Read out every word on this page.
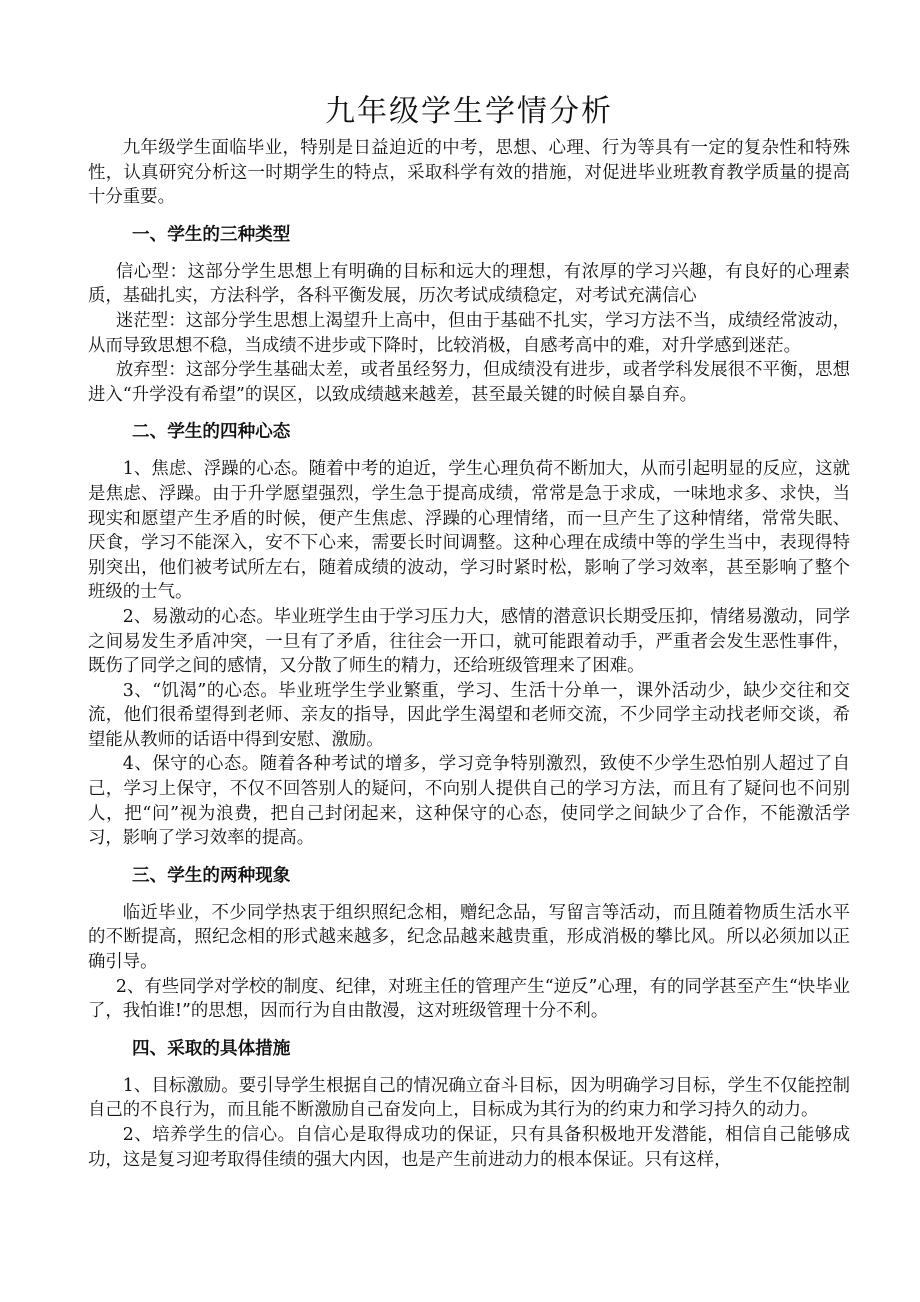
九年级学生学情分析

九年级学生面临毕业，特别是日益迫近的中考，思想、心理、行为等具有一定的复杂性和特殊性，认真研究分析这一时期学生的特点，采取科学有效的措施，对促进毕业班教育教学质量的提高十分重要。

一、学生的三种类型

信心型：这部分学生思想上有明确的目标和远大的理想，有浓厚的学习兴趣，有良好的心理素质，基础扎实，方法科学，各科平衡发展，历次考试成绩稳定，对考试充满信心

迷茫型：这部分学生思想上渴望升上高中，但由于基础不扎实，学习方法不当，成绩经常波动，从而导致思想不稳，当成绩不进步或下降时，比较消极，自感考高中的难，对升学感到迷茫。

放弃型：这部分学生基础太差，或者虽经努力，但成绩没有进步，或者学科发展很不平衡，思想进入“升学没有希望”的误区，以致成绩越来越差，甚至最关键的时候自暴自弃。

二、学生的四种心态

1、焦虑、浮躁的心态。随着中考的迫近，学生心理负荷不断加大，从而引起明显的反应，这就是焦虑、浮躁。由于升学愿望强烈，学生急于提高成绩，常常是急于求成，一味地求多、求快，当现实和愿望产生矛盾的时候，便产生焦虑、浮躁的心理情绪，而一旦产生了这种情绪，常常失眠、厌食，学习不能深入，安不下心来，需要长时间调整。这种心理在成绩中等的学生当中，表现得特别突出，他们被考试所左右，随着成绩的波动，学习时紧时松，影响了学习效率，甚至影响了整个班级的士气。

2、易激动的心态。毕业班学生由于学习压力大，感情的潜意识长期受压抑，情绪易激动，同学之间易发生矛盾冲突，一旦有了矛盾，往往会一开口，就可能跟着动手，严重者会发生恶性事件，既伤了同学之间的感情，又分散了师生的精力，还给班级管理来了困难。

3、“饥渴”的心态。毕业班学生学业繁重，学习、生活十分单一，课外活动少，缺少交往和交流，他们很希望得到老师、亲友的指导，因此学生渴望和老师交流，不少同学主动找老师交谈，希望能从教师的话语中得到安慰、激励。

4、保守的心态。随着各种考试的增多，学习竞争特别激烈，致使不少学生恐怕别人超过了自己，学习上保守，不仅不回答别人的疑问，不向别人提供自己的学习方法，而且有了疑问也不问别人，把“问”视为浪费，把自己封闭起来，这种保守的心态，使同学之间缺少了合作，不能激活学习，影响了学习效率的提高。

三、学生的两种现象

临近毕业，不少同学热衷于组织照纪念相，赠纪念品，写留言等活动，而且随着物质生活水平的不断提高，照纪念相的形式越来越多，纪念品越来越贵重，形成消极的攀比风。所以必须加以正确引导。

2、有些同学对学校的制度、纪律，对班主任的管理产生“逆反”心理，有的同学甚至产生“快毕业了，我怕谁!”的思想，因而行为自由散漫，这对班级管理十分不利。

四、采取的具体措施

1、目标激励。要引导学生根据自己的情况确立奋斗目标，因为明确学习目标，学生不仅能控制自己的不良行为，而且能不断激励自己奋发向上，目标成为其行为的约束力和学习持久的动力。

2、培养学生的信心。自信心是取得成功的保证，只有具备积极地开发潜能，相信自己能够成功，这是复习迎考取得佳绩的强大内因，也是产生前进动力的根本保证。只有这样，
